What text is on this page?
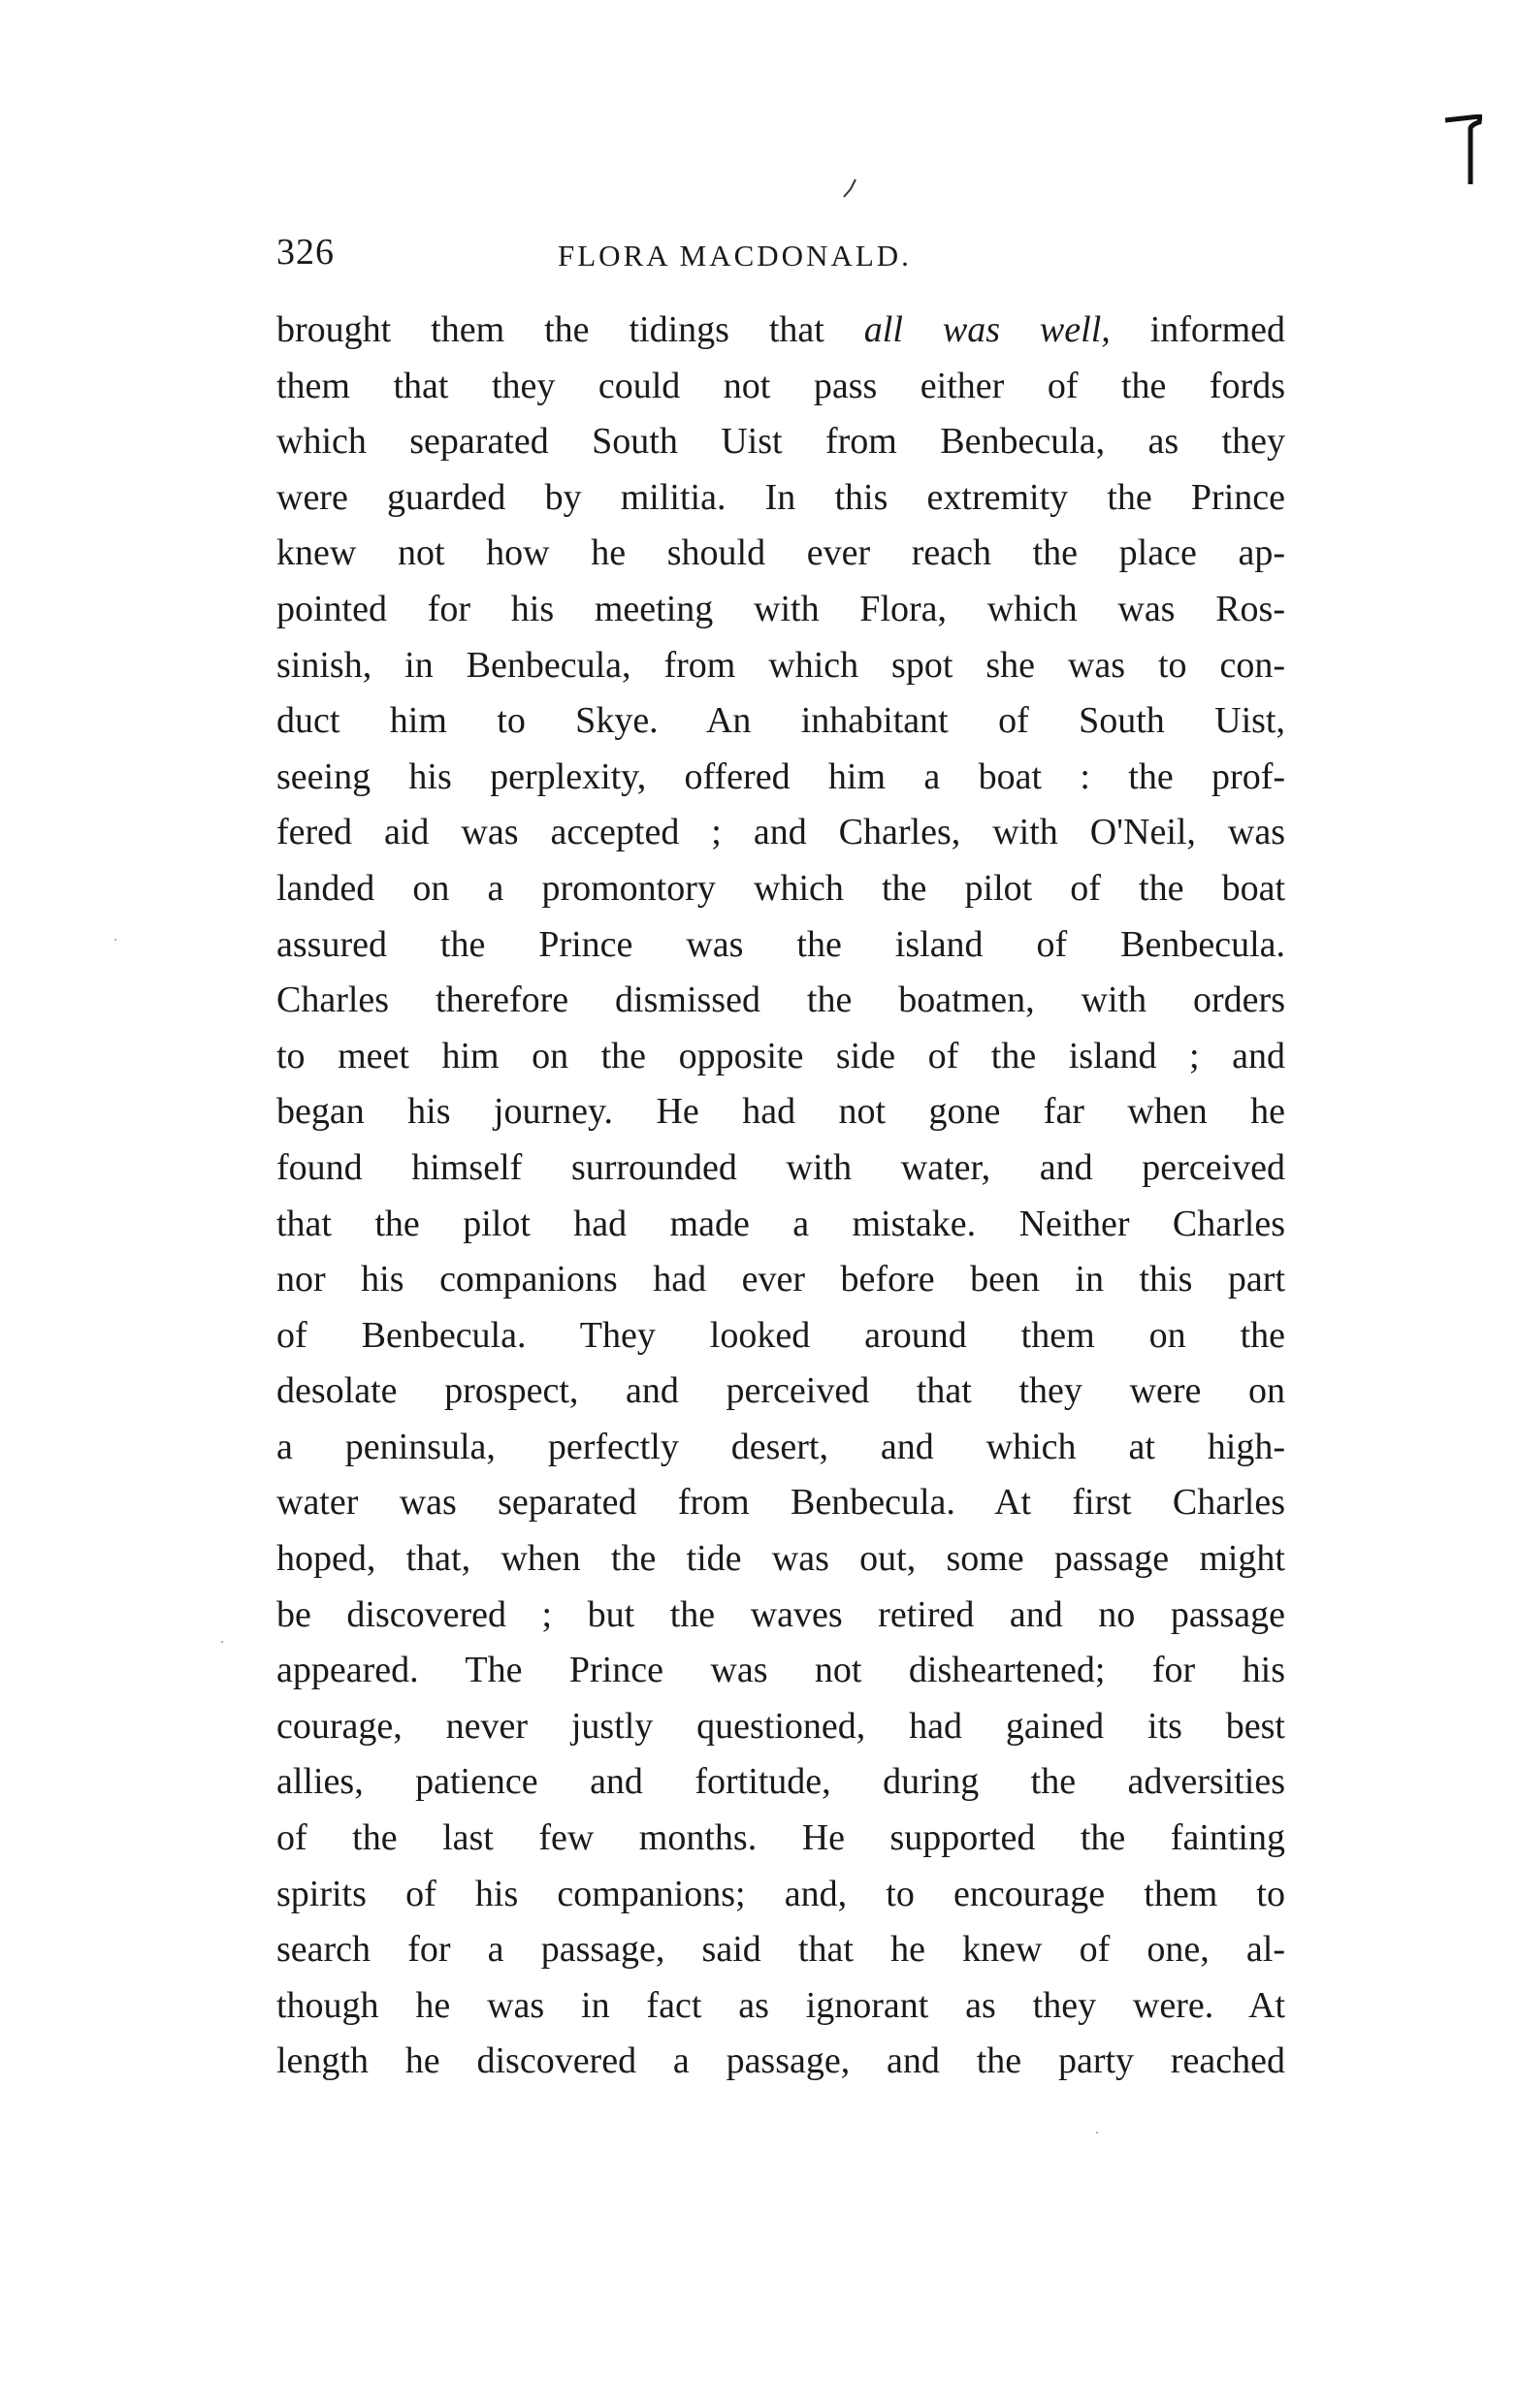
326	FLORA MACDONALD.
brought them the tidings that all was well, informed
them that they could not pass either of the fords
which separated South Uist from Benbecula, as they
were guarded by militia. In this extremity the Prince
knew not how he should ever reach the place ap-
pointed for his meeting with Flora, which was Ros-
sinish, in Benbecula, from which spot she was to con-
duct him to Skye. An inhabitant of South Uist,
seeing his perplexity, offered him a boat : the prof-
fered aid was accepted ; and Charles, with O'Neil, was
landed on a promontory which the pilot of the boat
assured the Prince was the island of Benbecula.
Charles therefore dismissed the boatmen, with orders
to meet him on the opposite side of the island ; and
began his journey. He had not gone far when he
found himself surrounded with water, and perceived
that the pilot had made a mistake. Neither Charles
nor his companions had ever before been in this part
of Benbecula. They looked around them on the
desolate prospect, and perceived that they were on
a peninsula, perfectly desert, and which at high-
water was separated from Benbecula. At first Charles
hoped, that, when the tide was out, some passage might
be discovered ; but the waves retired and no passage
appeared. The Prince was not disheartened; for his
courage, never justly questioned, had gained its best
allies, patience and fortitude, during the adversities
of the last few months. He supported the fainting
spirits of his companions; and, to encourage them to
search for a passage, said that he knew of one, al-
though he was in fact as ignorant as they were. At
length he discovered a passage, and the party reached
